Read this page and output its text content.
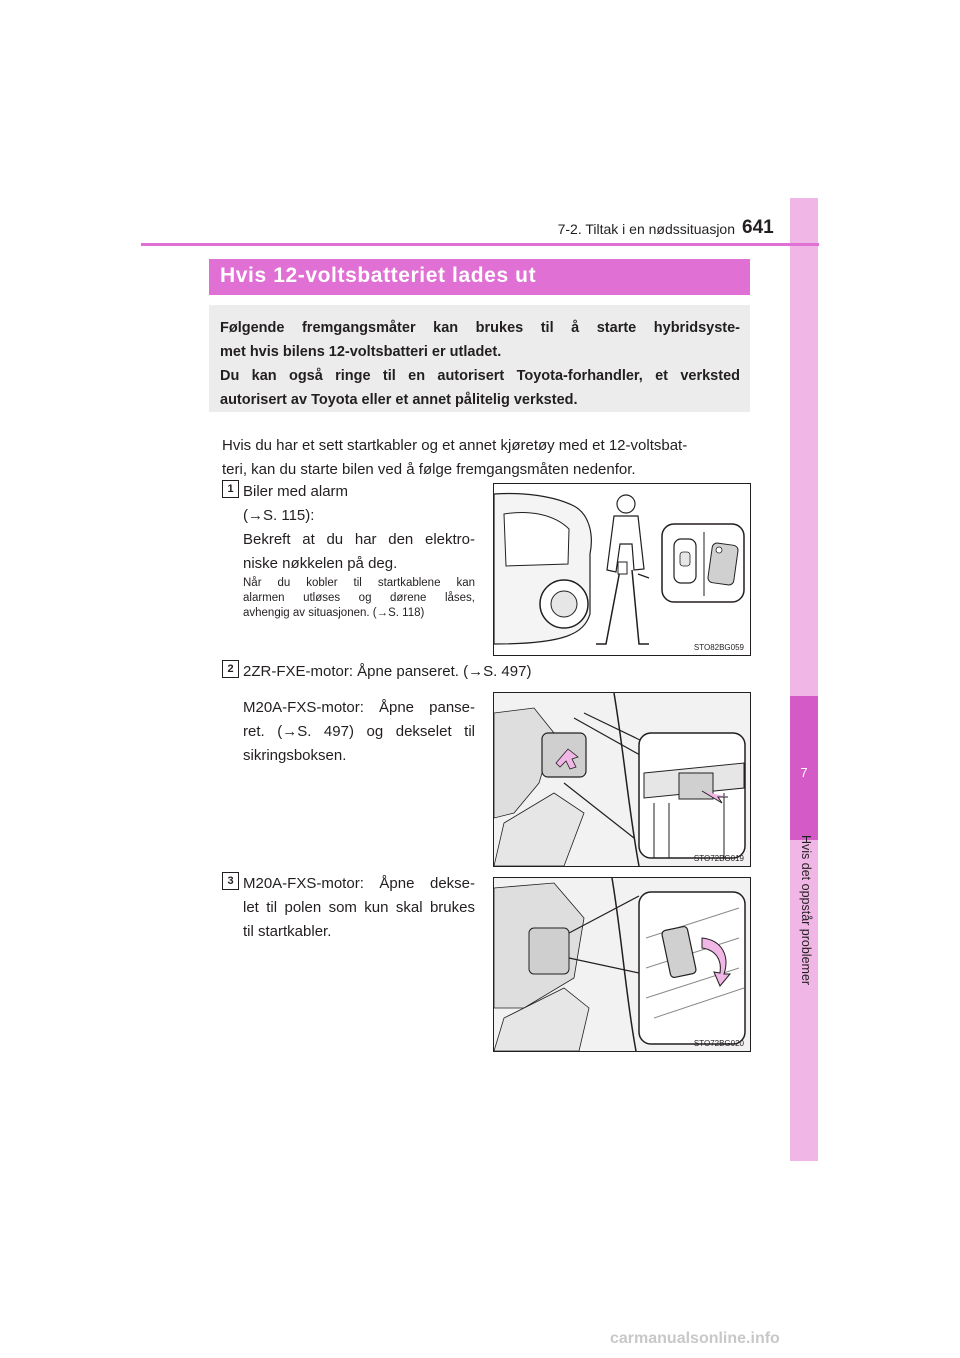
7
Hvis det oppstår problemer
7-2. Tiltak i en nødssituasjon 641
Hvis 12-voltsbatteriet lades ut
Følgende fremgangsmåter kan brukes til å starte hybridsyste-
met hvis bilens 12-voltsbatteri er utladet.
Du kan også ringe til en autorisert Toyota-forhandler, et verksted
autorisert av Toyota eller et annet pålitelig verksted.
Hvis du har et sett startkabler og et annet kjøretøy med et 12-voltsbat-
teri, kan du starte bilen ved å følge fremgangsmåten nedenfor.
1 Biler med alarm
(→S. 115):
Bekreft at du har den elektro-
niske nøkkelen på deg.
Når du kobler til startkablene kan
alarmen utløses og dørene låses,
avhengig av situasjonen. (→S. 118)
STO82BG059
2 2ZR-FXE-motor: Åpne panseret. (→S. 497)
M20A-FXS-motor: Åpne panse-
ret. (→S. 497) og dekselet til
sikringsboksen.
STO72BG019
3 M20A-FXS-motor: Åpne dekse-
let til polen som kun skal brukes
til startkabler.
STO72BG020
carmanualsonline.info
